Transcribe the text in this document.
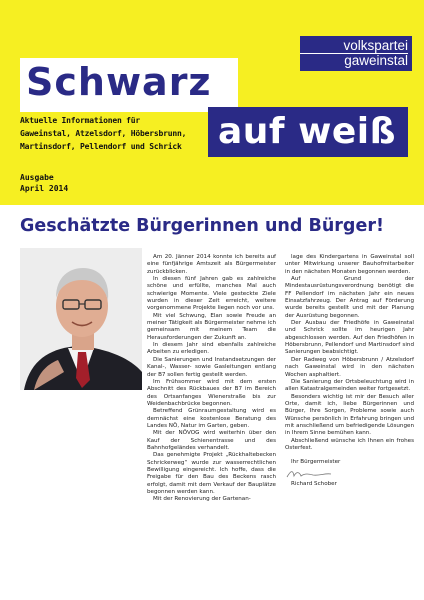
volkspartei
gaweinstal
Schwarz
Aktuelle Informationen für
Gaweinstal, Atzelsdorf, Höbersbrunn,
Martinsdorf, Pellendorf und Schrick	auf weiß
Ausgabe
April 2014
Geschätzte Bürgerinnen und Bürger!

Am 20. Jänner 2014 konnte ich bereits auf eine fünfjährige Amtszeit als Bürgermeister zurückblicken.

In diesen fünf Jahren gab es zahlreiche schöne und erfüllte, manches Mal auch schwierige Momente. Viele gesteckte Ziele wurden in dieser Zeit erreicht, weitere vorgenommene Projekte liegen noch vor uns.

Mit viel Schwung, Elan sowie Freude an meiner Tätigkeit als Bürgermeister nehme ich gemeinsam mit meinem Team die Herausforderungen der Zukunft an.

In diesem Jahr sind ebenfalls zahlreiche Arbeiten zu erledigen.

Die Sanierungen und Instandsetzungen der Kanal-, Wasser- sowie Gasleitungen entlang der B7 sollen fertig gestellt werden.

Im Frühsommer wird mit dem ersten Abschnitt des Rückbaues der B7 im Bereich des Ortsanfanges Wienerstraße bis zur Weidenbachbrücke begonnen.

Betreffend Grünraumgestaltung wird es demnächst eine kostenlose Beratung des Landes NÖ, Natur im Garten, geben.

Mit der NÖVOG wird weiterhin über den Kauf der Schienentrasse und des Bahnhofgeländes verhandelt.

Das genehmigte Projekt „Rückhaltebecken Schrickerweg“ wurde zur wasserrechtlichen Bewilligung eingereicht. Ich hoffe, dass die Freigabe für den Bau des Beckens rasch erfolgt, damit mit dem Verkauf der Bauplätze begonnen werden kann.

Mit der Renovierung der Gartenan-

lage des Kindergartens in Gaweinstal soll unter Mitwirkung unserer Bauhofmitarbeiter in den nächsten Monaten begonnen werden.

Auf Grund der Mindestausrüstungsverordnung benötigt die FF Pellendorf im nächsten Jahr ein neues Einsatzfahrzeug. Der Antrag auf Förderung wurde bereits gestellt und mit der Planung der Ausrüstung begonnen.

Der Ausbau der Friedhöfe in Gaweinstal und Schrick sollte im heurigen Jahr abgeschlossen werden. Auf den Friedhöfen in Höbersbrunn, Pellendorf und Martinsdorf sind Sanierungen beabsichtigt.

Der Radweg von Höbersbrunn / Atzelsdorf nach Gaweinstal wird in den nächsten Wochen asphaltiert.

Die Sanierung der Ortsbeleuchtung wird in allen Katastralgemeinden weiter fortgesetzt.

Besonders wichtig ist mir der Besuch aller Orte, damit ich, liebe Bürgerinnen und Bürger, Ihre Sorgen, Probleme sowie auch Wünsche persönlich in Erfahrung bringen und mit anschließend um befriedigende Lösungen in Ihrem Sinne bemühen kann.

Abschließend wünsche ich Ihnen ein frohes Osterfest.

Ihr Bürgermeister

Richard Schober
